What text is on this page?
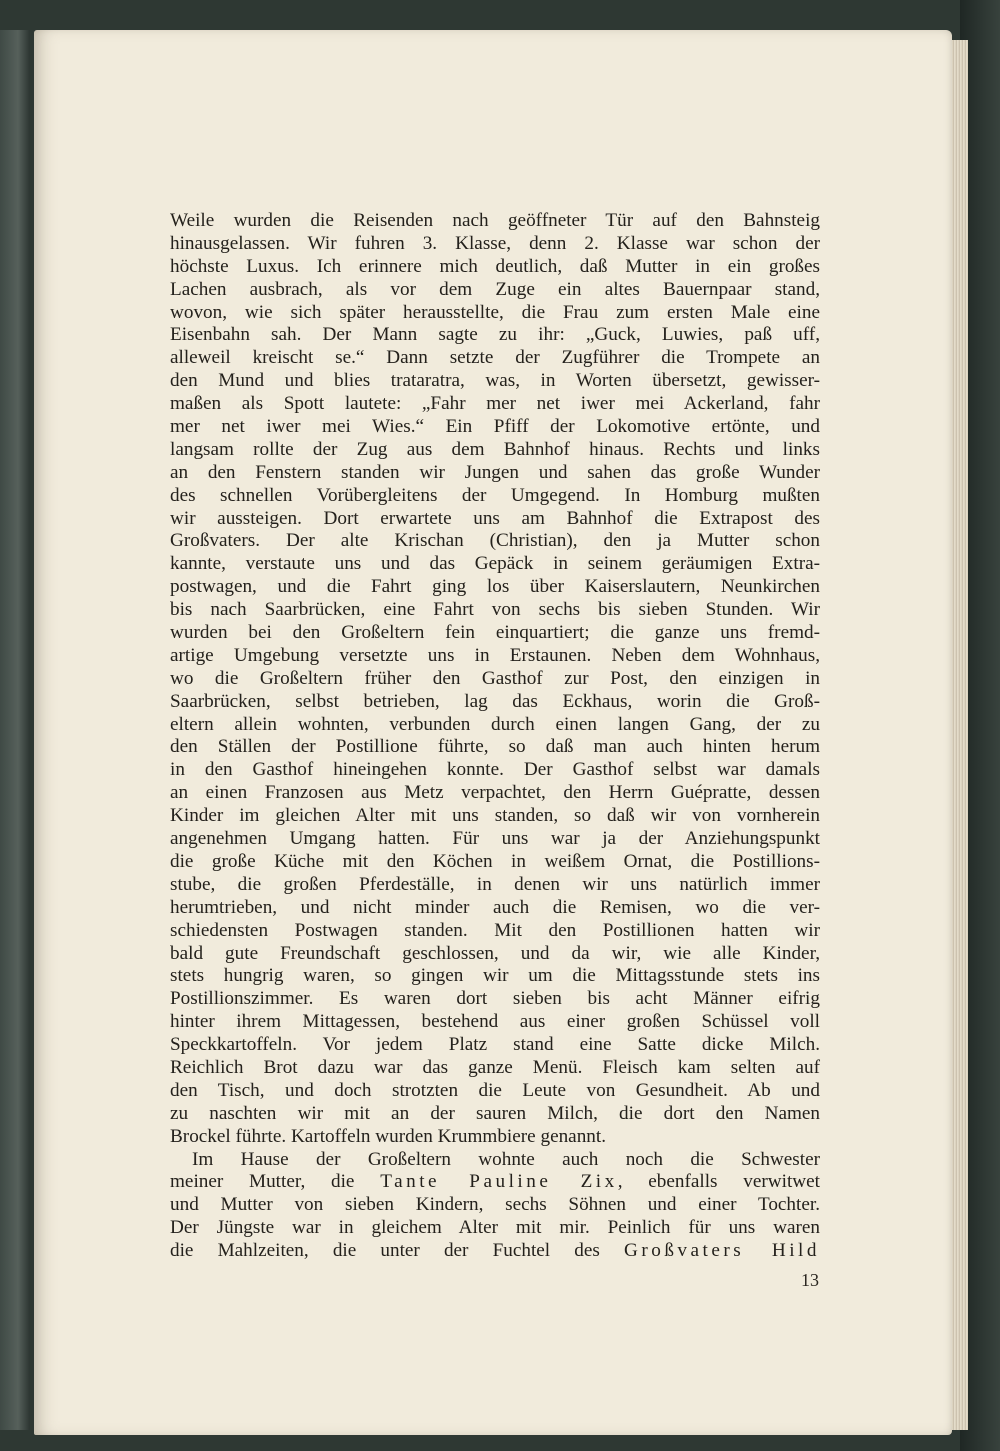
Weile wurden die Reisenden nach geöffneter Tür auf den Bahnsteig
hinausgelassen. Wir fuhren 3. Klasse, denn 2. Klasse war schon der
höchste Luxus. Ich erinnere mich deutlich, daß Mutter in ein großes
Lachen ausbrach, als vor dem Zuge ein altes Bauernpaar stand,
wovon, wie sich später herausstellte, die Frau zum ersten Male eine
Eisenbahn sah. Der Mann sagte zu ihr: „Guck, Luwies, paß uff,
alleweil kreischt se.“ Dann setzte der Zugführer die Trompete an
den Mund und blies trataratra, was, in Worten übersetzt, gewisser-
maßen als Spott lautete: „Fahr mer net iwer mei Ackerland, fahr
mer net iwer mei Wies.“ Ein Pfiff der Lokomotive ertönte, und
langsam rollte der Zug aus dem Bahnhof hinaus. Rechts und links
an den Fenstern standen wir Jungen und sahen das große Wunder
des schnellen Vorübergleitens der Umgegend. In Homburg mußten
wir aussteigen. Dort erwartete uns am Bahnhof die Extrapost des
Großvaters. Der alte Krischan (Christian), den ja Mutter schon
kannte, verstaute uns und das Gepäck in seinem geräumigen Extra-
postwagen, und die Fahrt ging los über Kaiserslautern, Neunkirchen
bis nach Saarbrücken, eine Fahrt von sechs bis sieben Stunden. Wir
wurden bei den Großeltern fein einquartiert; die ganze uns fremd-
artige Umgebung versetzte uns in Erstaunen. Neben dem Wohnhaus,
wo die Großeltern früher den Gasthof zur Post, den einzigen in
Saarbrücken, selbst betrieben, lag das Eckhaus, worin die Groß-
eltern allein wohnten, verbunden durch einen langen Gang, der zu
den Ställen der Postillione führte, so daß man auch hinten herum
in den Gasthof hineingehen konnte. Der Gasthof selbst war damals
an einen Franzosen aus Metz verpachtet, den Herrn Guépratte, dessen
Kinder im gleichen Alter mit uns standen, so daß wir von vornherein
angenehmen Umgang hatten. Für uns war ja der Anziehungspunkt
die große Küche mit den Köchen in weißem Ornat, die Postillions-
stube, die großen Pferdeställe, in denen wir uns natürlich immer
herumtrieben, und nicht minder auch die Remisen, wo die ver-
schiedensten Postwagen standen. Mit den Postillionen hatten wir
bald gute Freundschaft geschlossen, und da wir, wie alle Kinder,
stets hungrig waren, so gingen wir um die Mittagsstunde stets ins
Postillionszimmer. Es waren dort sieben bis acht Männer eifrig
hinter ihrem Mittagessen, bestehend aus einer großen Schüssel voll
Speckkartoffeln. Vor jedem Platz stand eine Satte dicke Milch.
Reichlich Brot dazu war das ganze Menü. Fleisch kam selten auf
den Tisch, und doch strotzten die Leute von Gesundheit. Ab und
zu naschten wir mit an der sauren Milch, die dort den Namen
Brockel führte. Kartoffeln wurden Krummbiere genannt.
Im Hause der Großeltern wohnte auch noch die Schwester
meiner Mutter, die Tante Pauline Zix, ebenfalls verwitwet
und Mutter von sieben Kindern, sechs Söhnen und einer Tochter.
Der Jüngste war in gleichem Alter mit mir. Peinlich für uns waren
die Mahlzeiten, die unter der Fuchtel des Großvaters Hild
13
